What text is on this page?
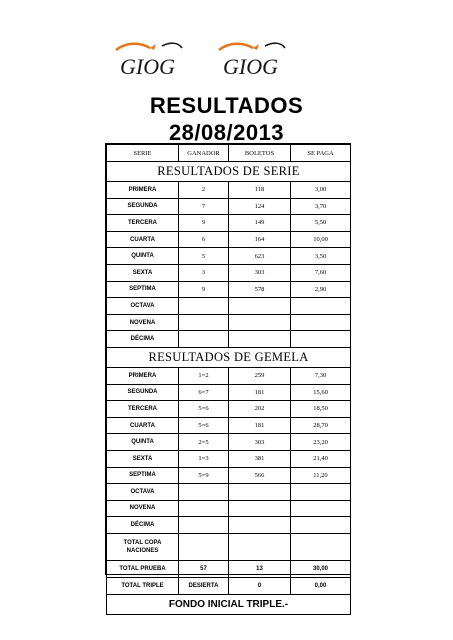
GIOG GIOG
RESULTADOS
28/08/2013
SERIE	GANADOR	BOLETOS	SE PAGA
RESULTADOS DE SERIE			
PRIMERA	2	118	3,00
SEGUNDA	7	124	3,70
TERCERA	9	149	5,50
CUARTA	6	164	10,00
QUINTA	5	623	3,50
SEXTA	3	303	7,60
SEPTIMA	9	578	2,90
OCTAVA			
NOVENA			
DÉCIMA			
RESULTADOS DE GEMELA			
PRIMERA	1=2	259	7,30
SEGUNDA	6=7	181	15,60
TERCERA	5=6	202	18,50
CUARTA	5=6	181	28,70
QUINTA	2=5	303	23,20
SEXTA	1=3	381	21,40
SEPTIMA	5=9	566	11,20
OCTAVA			
NOVENA			
DÉCIMA			
TOTAL COPA
NACIONES			
TOTAL PRUEBA	57	13	30,00
TOTAL TRIPLE	DESIERTA	0	0,00
FONDO INICIAL TRIPLE.-			
